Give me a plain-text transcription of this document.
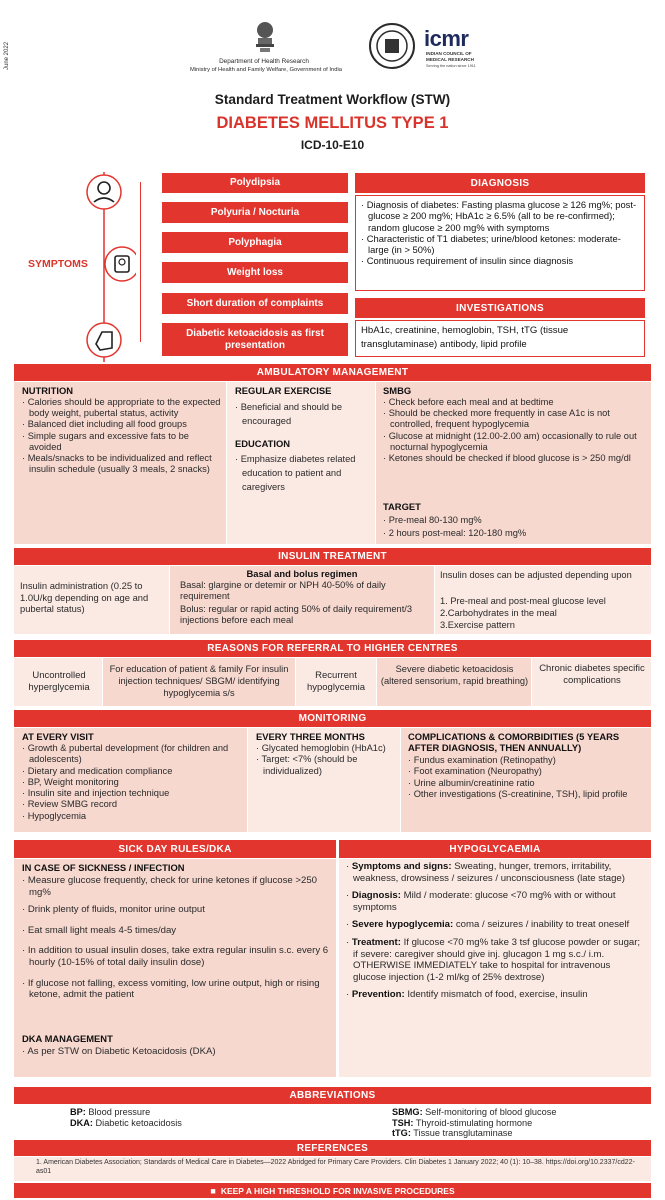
June 2022	Department of Health Research
Ministry of Health and Family Welfare, Government of India
icmr
INDIAN COUNCIL OF MEDICAL RESEARCH
Serving the nation since 1911
Standard Treatment Workflow (STW)
DIABETES MELLITUS TYPE 1
ICD-10-E10
SYMPTOMS
Polydipsia
Polyuria / Nocturia
Polyphagia
Weight loss
Short duration of complaints
Diabetic ketoacidosis as first presentation
DIAGNOSIS
· Diagnosis of diabetes: Fasting plasma glucose ≥ 126 mg%; post-glucose ≥ 200 mg%; HbA1c ≥ 6.5% (all to be re-confirmed); random glucose ≥ 200 mg% with symptoms
· Characteristic of T1 diabetes; urine/blood ketones: moderate-large (in > 50%)
· Continuous requirement of insulin since diagnosis
INVESTIGATIONS
HbA1c, creatinine, hemoglobin, TSH, tTG (tissue transglutaminase) antibody, lipid profile
AMBULATORY MANAGEMENT
NUTRITION
· Calories should be appropriate to the expected body weight, pubertal status, activity
· Balanced diet including all food groups
· Simple sugars and excessive fats to be avoided
· Meals/snacks to be individualized and reflect insulin schedule (usually 3 meals, 2 snacks)
REGULAR EXERCISE
· Beneficial and should be encouraged
EDUCATION
· Emphasize diabetes related education to patient and caregivers
SMBG
· Check before each meal and at bedtime
· Should be checked more frequently in case A1c is not controlled, frequent hypoglycemia
· Glucose at midnight (12.00-2.00 am) occasionally to rule out nocturnal hypoglycemia
· Ketones should be checked if blood glucose is > 250 mg/dl
TARGET
· Pre-meal 80-130 mg%
· 2 hours post-meal: 120-180 mg%
INSULIN TREATMENT
Insulin administration (0.25 to 1.0U/kg depending on age and pubertal status)
Basal and bolus regimen
Basal: glargine or detemir or NPH 40-50% of daily requirement
Bolus: regular or rapid acting 50% of daily requirement/3 injections before each meal
Insulin doses can be adjusted depending upon
1. Pre-meal and post-meal glucose level
2.Carbohydrates in the meal
3.Exercise pattern
REASONS FOR REFERRAL TO HIGHER CENTRES
Uncontrolled hyperglycemia
For education of patient & family For insulin injection techniques/ SBGM/ identifying hypoglycemia s/s
Recurrent hypoglycemia
Severe diabetic ketoacidosis (altered sensorium, rapid breathing)
Chronic diabetes specific complications
MONITORING
AT EVERY VISIT
· Growth & pubertal development (for children and adolescents)
· Dietary and medication compliance
· BP, Weight monitoring
· Insulin site and injection technique
· Review SMBG record
· Hypoglycemia
EVERY THREE MONTHS
· Glycated hemoglobin (HbA1c)
· Target: <7% (should be individualized)
COMPLICATIONS & COMORBIDITIES (5 YEARS AFTER DIAGNOSIS, THEN ANNUALLY)
· Fundus examination (Retinopathy)
· Foot examination (Neuropathy)
· Urine albumin/creatinine ratio
· Other investigations (S-creatinine, TSH), lipid profile
SICK DAY RULES/DKA	HYPOGLYCAEMIA
IN CASE OF SICKNESS / INFECTION
· Measure glucose frequently, check for urine ketones if glucose >250 mg%
· Drink plenty of fluids, monitor urine output
· Eat small light meals 4-5 times/day
· In addition to usual insulin doses, take extra regular insulin s.c. every 6 hourly (10-15% of total daily insulin dose)
· If glucose not falling, excess vomiting, low urine output, high or rising ketone, admit the patient
DKA MANAGEMENT
· As per STW on Diabetic Ketoacidosis (DKA)
· Symptoms and signs: Sweating, hunger, tremors, irritability, weakness, drowsiness / seizures / unconsciousness (late stage)
· Diagnosis: Mild / moderate: glucose <70 mg% with or without symptoms
· Severe hypoglycemia: coma / seizures / inability to treat oneself
· Treatment: If glucose <70 mg% take 3 tsf glucose powder or sugar; if severe: caregiver should give inj. glucagon 1 mg s.c./ i.m. OTHERWISE IMMEDIATELY take to hospital for intravenous glucose injection (1-2 ml/kg of 25% dextrose)
· Prevention: Identify mismatch of food, exercise, insulin
ABBREVIATIONS
BP: Blood pressure
DKA: Diabetic ketoacidosis
SBMG: Self-monitoring of blood glucose
TSH: Thyroid-stimulating hormone
tTG: Tissue transglutaminase
REFERENCES
1. American Diabetes Association; Standards of Medical Care in Diabetes—2022 Abridged for Primary Care Providers. Clin Diabetes 1 January 2022; 40 (1): 10–38. https://doi.org/10.2337/cd22-as01
■ KEEP A HIGH THRESHOLD FOR INVASIVE PROCEDURES
